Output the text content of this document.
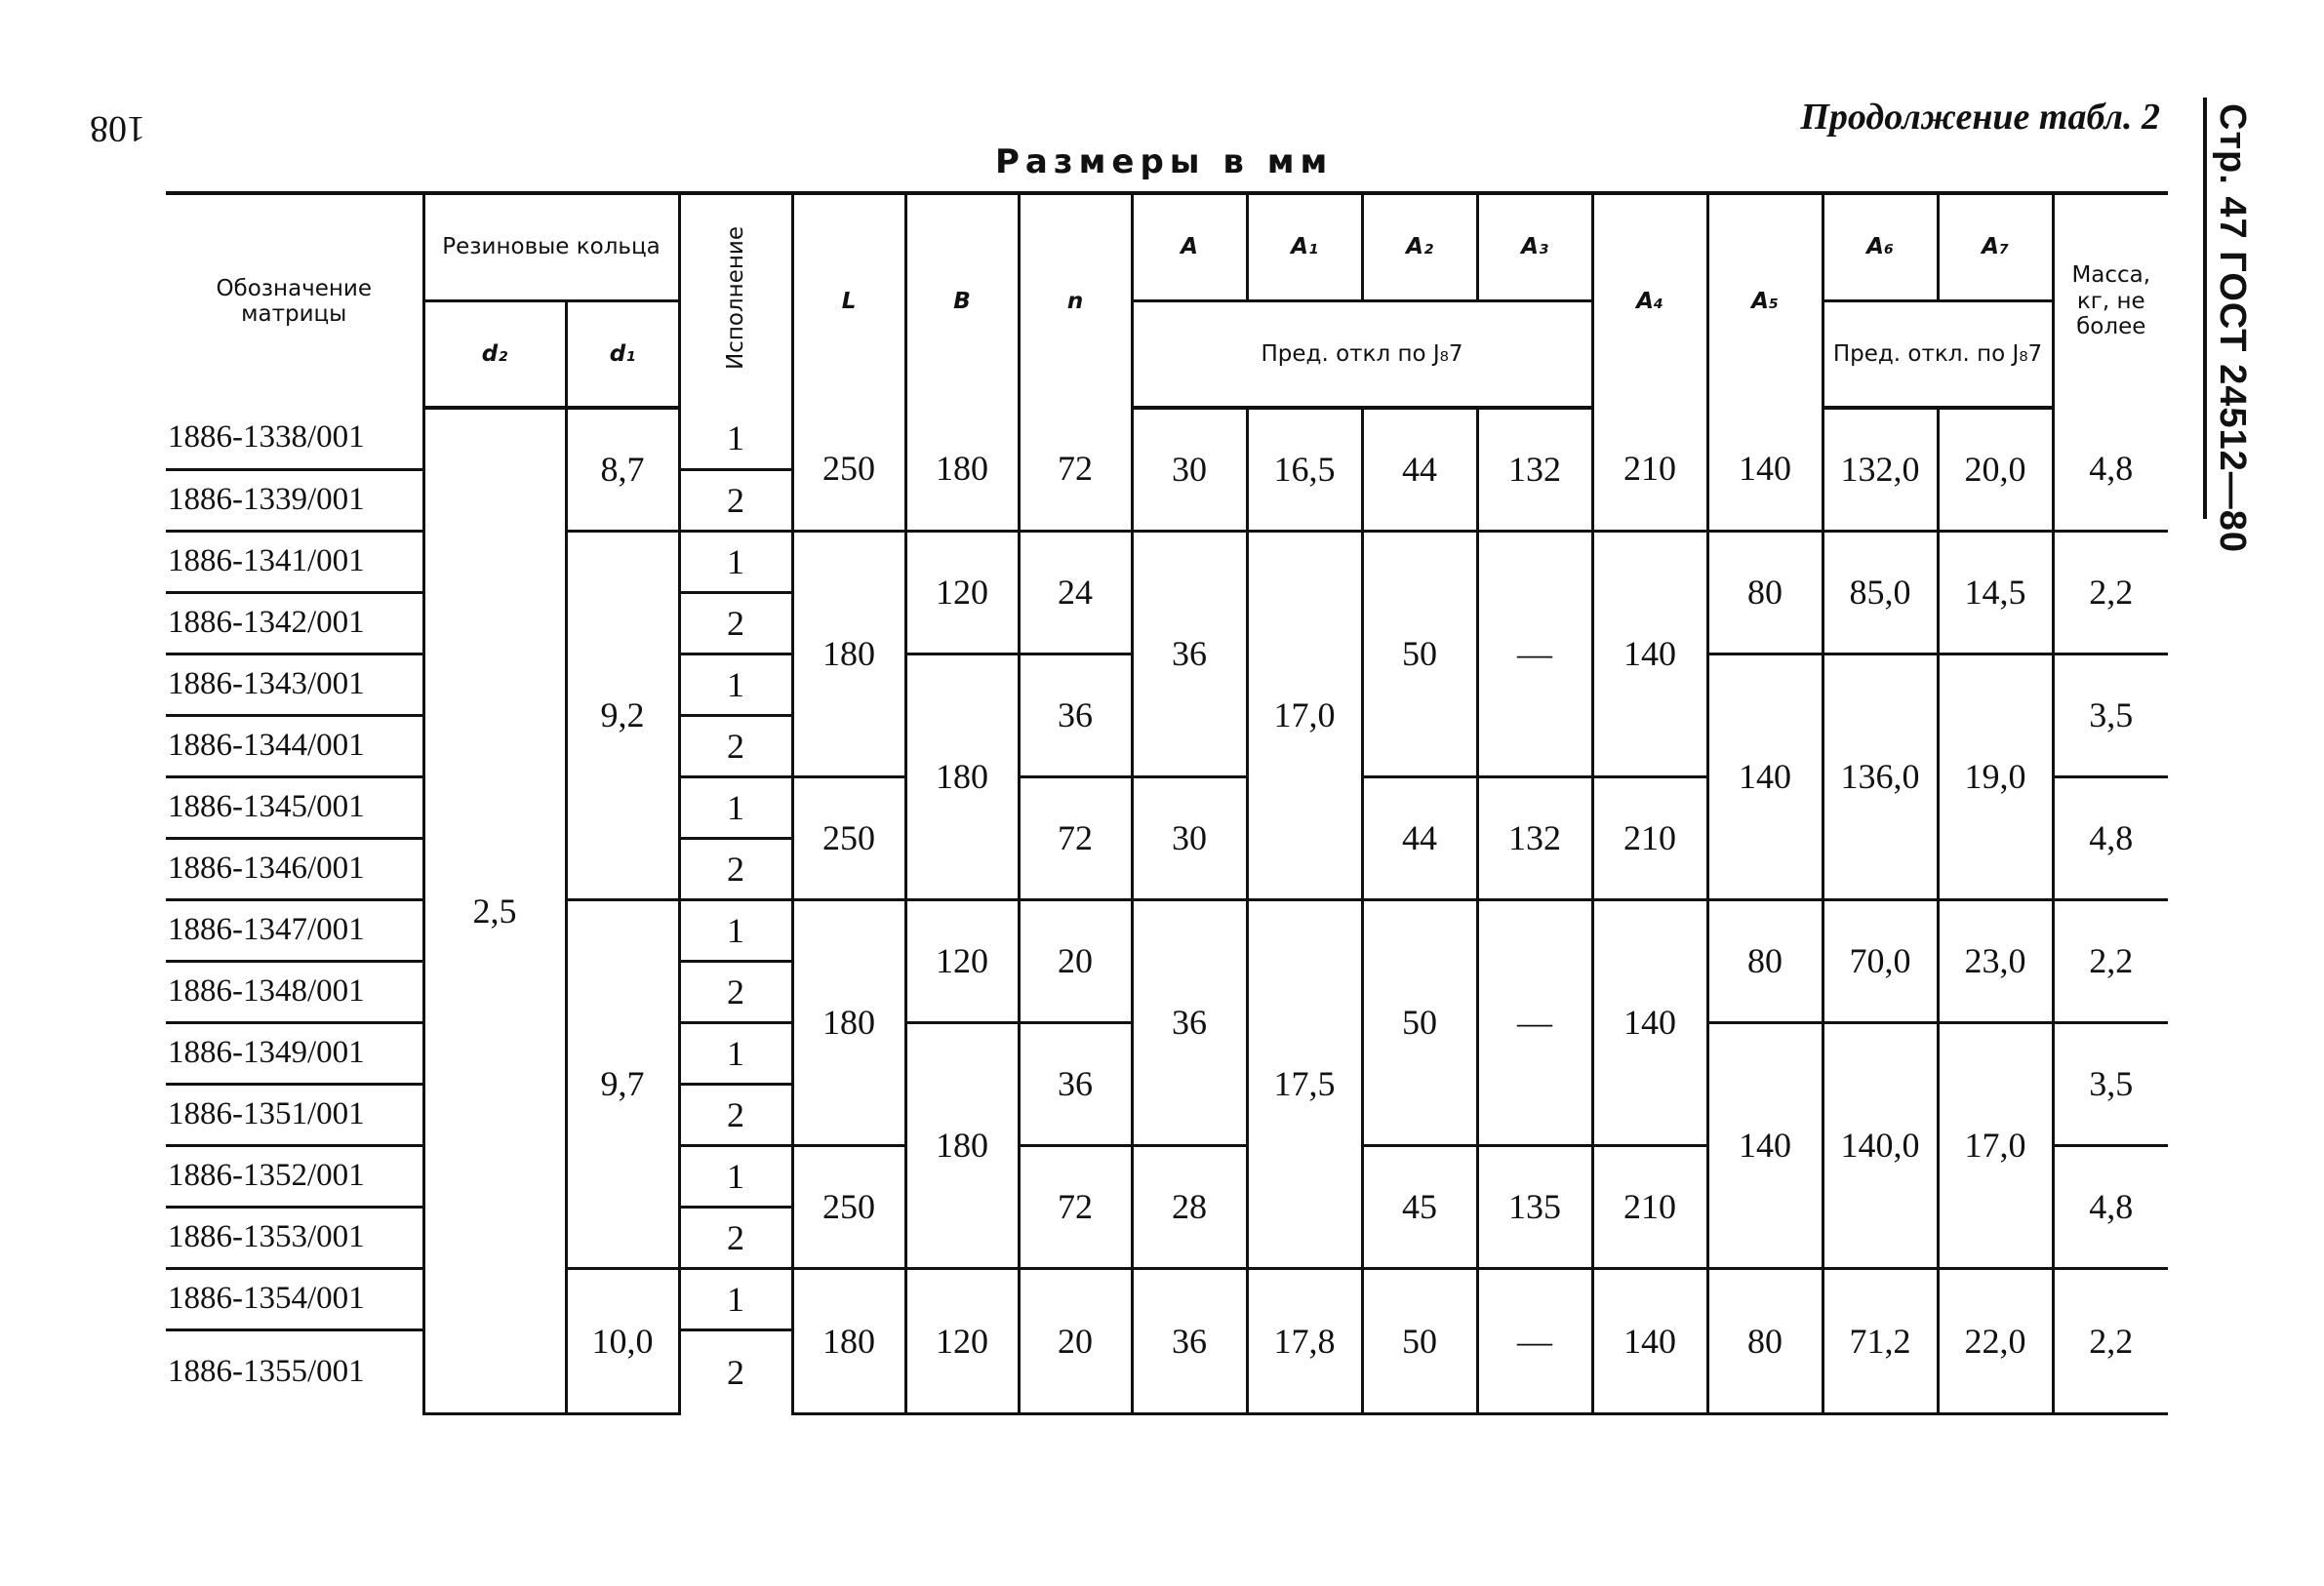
108	Стр. 47 ГОСТ 24512—80
Продолжение табл. 2
Размеры в мм
Обозначение матрицы	Резиновые кольца		Исполнение	L	B	n	A	A₁	A₂	A₃	A₄	A₅	A₆	A₇	Масса, кг, не более
	d₂	d₁					Пред. откл по J₈7						Пред. откл. по J₈7		
1886-1338/001	2,5	8,7	1	250	180	72	30	16,5	44	132	210	140	132,0	20,0	4,8
1886-1339/001			2												
1886-1341/001		9,2	1	180	120	24	36	17,0	50	—	140	80	85,0	14,5	2,2
1886-1342/001			2												
1886-1343/001			1		180	36						140	136,0	19,0	3,5
1886-1344/001			2												
1886-1345/001			1	250		72	30		44	132	210				4,8
1886-1346/001			2												
1886-1347/001		9,7	1	180	120	20	36	17,5	50	—	140	80	70,0	23,0	2,2
1886-1348/001			2												
1886-1349/001			1		180	36						140	140,0	17,0	3,5
1886-1351/001			2												
1886-1352/001			1	250		72	28		45	135	210				4,8
1886-1353/001			2												
1886-1354/001		10,0	1	180	120	20	36	17,8	50	—	140	80	71,2	22,0	2,2
1886-1355/001			2												
